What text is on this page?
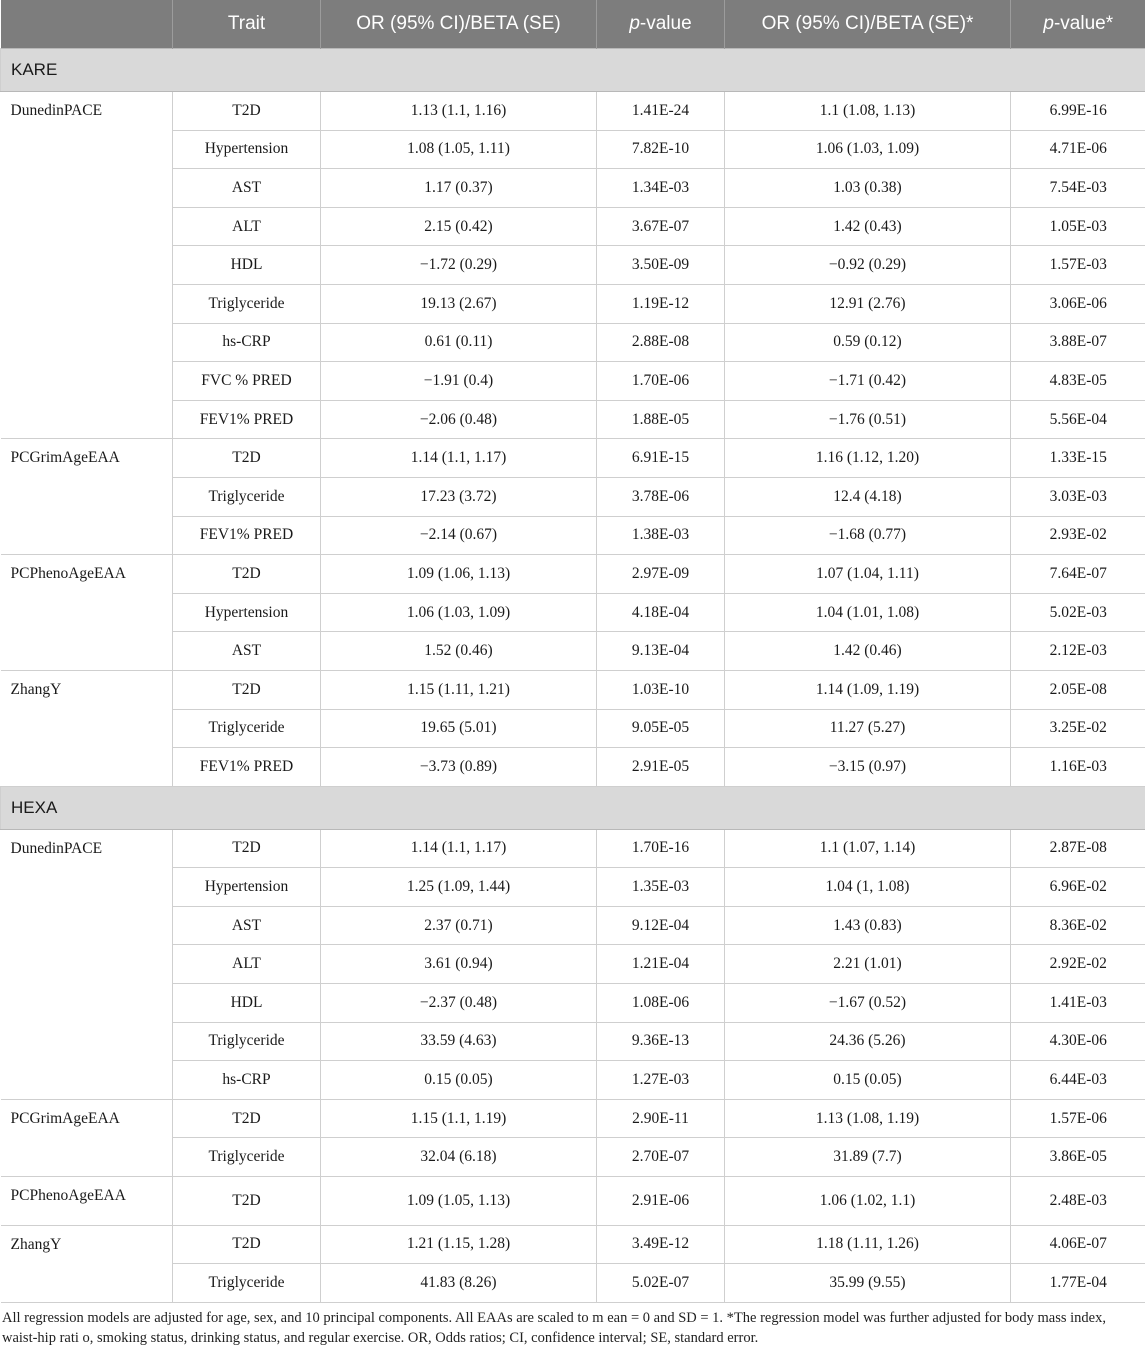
	Trait	OR (95% CI)/BETA (SE)	p-value	OR (95% CI)/BETA (SE)*	p-value*
KARE					
DunedinPACE	T2D	1.13 (1.1, 1.16)	1.41E-24	1.1 (1.08, 1.13)	6.99E-16
	Hypertension	1.08 (1.05, 1.11)	7.82E-10	1.06 (1.03, 1.09)	4.71E-06
	AST	1.17 (0.37)	1.34E-03	1.03 (0.38)	7.54E-03
	ALT	2.15 (0.42)	3.67E-07	1.42 (0.43)	1.05E-03
	HDL	−1.72 (0.29)	3.50E-09	−0.92 (0.29)	1.57E-03
	Triglyceride	19.13 (2.67)	1.19E-12	12.91 (2.76)	3.06E-06
	hs-CRP	0.61 (0.11)	2.88E-08	0.59 (0.12)	3.88E-07
	FVC % PRED	−1.91 (0.4)	1.70E-06	−1.71 (0.42)	4.83E-05
	FEV1% PRED	−2.06 (0.48)	1.88E-05	−1.76 (0.51)	5.56E-04
PCGrimAgeEAA	T2D	1.14 (1.1, 1.17)	6.91E-15	1.16 (1.12, 1.20)	1.33E-15
	Triglyceride	17.23 (3.72)	3.78E-06	12.4 (4.18)	3.03E-03
	FEV1% PRED	−2.14 (0.67)	1.38E-03	−1.68 (0.77)	2.93E-02
PCPhenoAgeEAA	T2D	1.09 (1.06, 1.13)	2.97E-09	1.07 (1.04, 1.11)	7.64E-07
	Hypertension	1.06 (1.03, 1.09)	4.18E-04	1.04 (1.01, 1.08)	5.02E-03
	AST	1.52 (0.46)	9.13E-04	1.42 (0.46)	2.12E-03
ZhangY	T2D	1.15 (1.11, 1.21)	1.03E-10	1.14 (1.09, 1.19)	2.05E-08
	Triglyceride	19.65 (5.01)	9.05E-05	11.27 (5.27)	3.25E-02
	FEV1% PRED	−3.73 (0.89)	2.91E-05	−3.15 (0.97)	1.16E-03
HEXA					
DunedinPACE	T2D	1.14 (1.1, 1.17)	1.70E-16	1.1 (1.07, 1.14)	2.87E-08
	Hypertension	1.25 (1.09, 1.44)	1.35E-03	1.04 (1, 1.08)	6.96E-02
	AST	2.37 (0.71)	9.12E-04	1.43 (0.83)	8.36E-02
	ALT	3.61 (0.94)	1.21E-04	2.21 (1.01)	2.92E-02
	HDL	−2.37 (0.48)	1.08E-06	−1.67 (0.52)	1.41E-03
	Triglyceride	33.59 (4.63)	9.36E-13	24.36 (5.26)	4.30E-06
	hs-CRP	0.15 (0.05)	1.27E-03	0.15 (0.05)	6.44E-03
PCGrimAgeEAA	T2D	1.15 (1.1, 1.19)	2.90E-11	1.13 (1.08, 1.19)	1.57E-06
	Triglyceride	32.04 (6.18)	2.70E-07	31.89 (7.7)	3.86E-05
PCPhenoAgeEAA	T2D	1.09 (1.05, 1.13)	2.91E-06	1.06 (1.02, 1.1)	2.48E-03
ZhangY	T2D	1.21 (1.15, 1.28)	3.49E-12	1.18 (1.11, 1.26)	4.06E-07
	Triglyceride	41.83 (8.26)	5.02E-07	35.99 (9.55)	1.77E-04
All regression models are adjusted for age, sex, and 10 principal components. All EAAs are scaled to m ean = 0 and SD = 1. *The regression model was further adjusted for body mass index, waist-hip rati o, smoking status, drinking status, and regular exercise. OR, Odds ratios; CI, confidence interval; SE, standard error.
